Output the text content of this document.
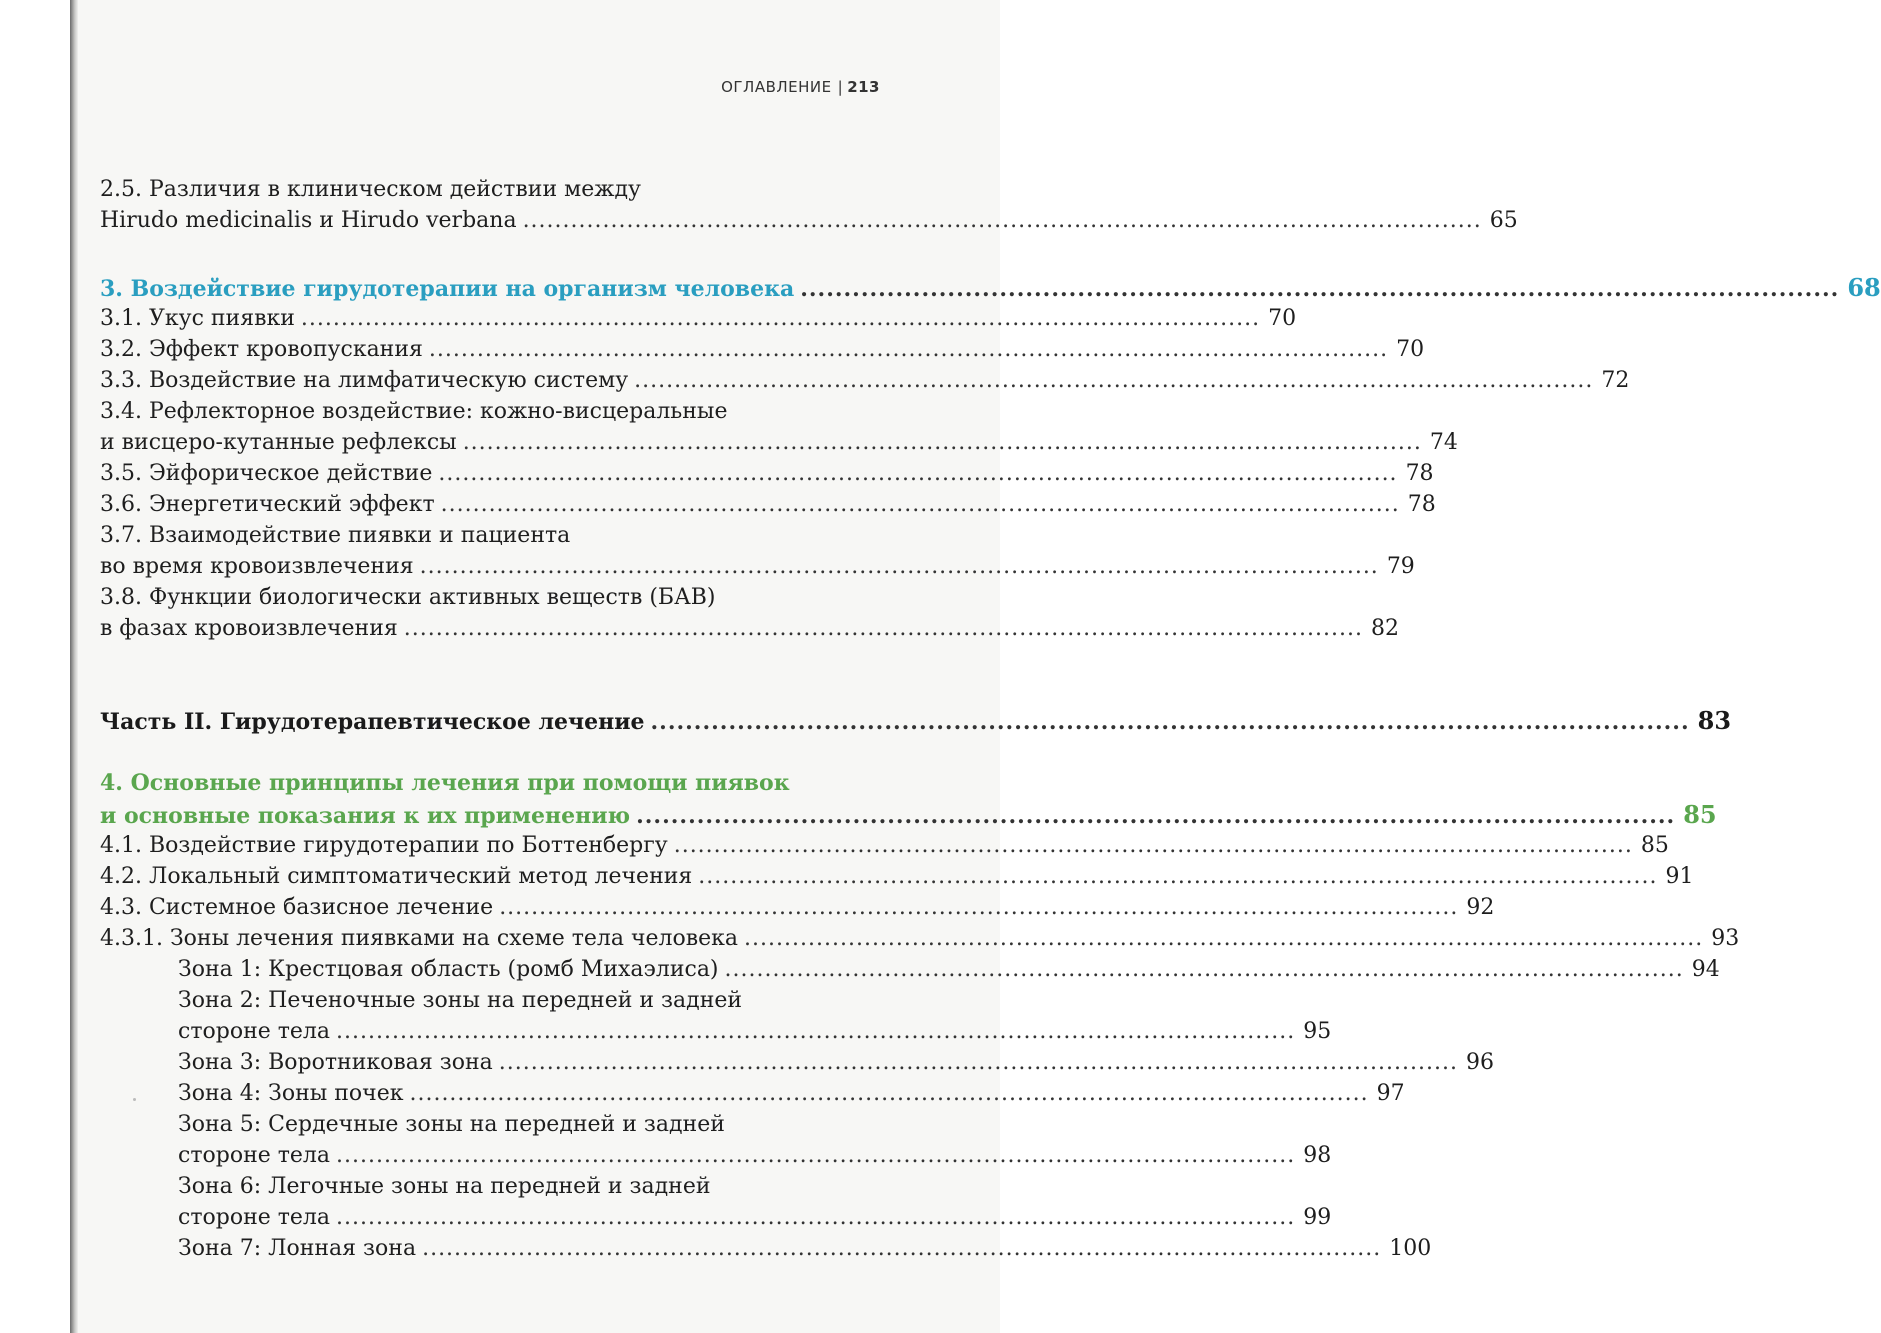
ОГЛАВЛЕНИЕ | 213
2.5. Различия в клиническом действии между
Hirudo medicinalis и Hirudo verbana ........................................................................................................................ 65
3. Воздействие гирудотерапии на организм человека ........................................................................................................................ 68
3.1. Укус пиявки ........................................................................................................................ 70
3.2. Эффект кровопускания ........................................................................................................................ 70
3.3. Воздействие на лимфатическую систему ........................................................................................................................ 72
3.4. Рефлекторное воздействие: кожно-висцеральные
и висцеро-кутанные рефлексы ........................................................................................................................ 74
3.5. Эйфорическое действие ........................................................................................................................ 78
3.6. Энергетический эффект ........................................................................................................................ 78
3.7. Взаимодействие пиявки и пациента
во время кровоизвлечения ........................................................................................................................ 79
3.8. Функции биологически активных веществ (БАВ)
в фазах кровоизвлечения ........................................................................................................................ 82
Часть II. Гирудотерапевтическое лечение ........................................................................................................................ 83
4. Основные принципы лечения при помощи пиявок
и основные показания к их применению ........................................................................................................................ 85
4.1. Воздействие гирудотерапии по Боттенбергу ........................................................................................................................ 85
4.2. Локальный симптоматический метод лечения ........................................................................................................................ 91
4.3. Системное базисное лечение ........................................................................................................................ 92
4.3.1. Зоны лечения пиявками на схеме тела человека ........................................................................................................................ 93
Зона 1: Крестцовая область (ромб Михаэлиса) ........................................................................................................................ 94
Зона 2: Печеночные зоны на передней и задней
стороне тела ........................................................................................................................ 95
Зона 3: Воротниковая зона ........................................................................................................................ 96
Зона 4: Зоны почек ........................................................................................................................ 97
Зона 5: Сердечные зоны на передней и задней
стороне тела ........................................................................................................................ 98
Зона 6: Легочные зоны на передней и задней
стороне тела ........................................................................................................................ 99
Зона 7: Лонная зона ........................................................................................................................ 100
